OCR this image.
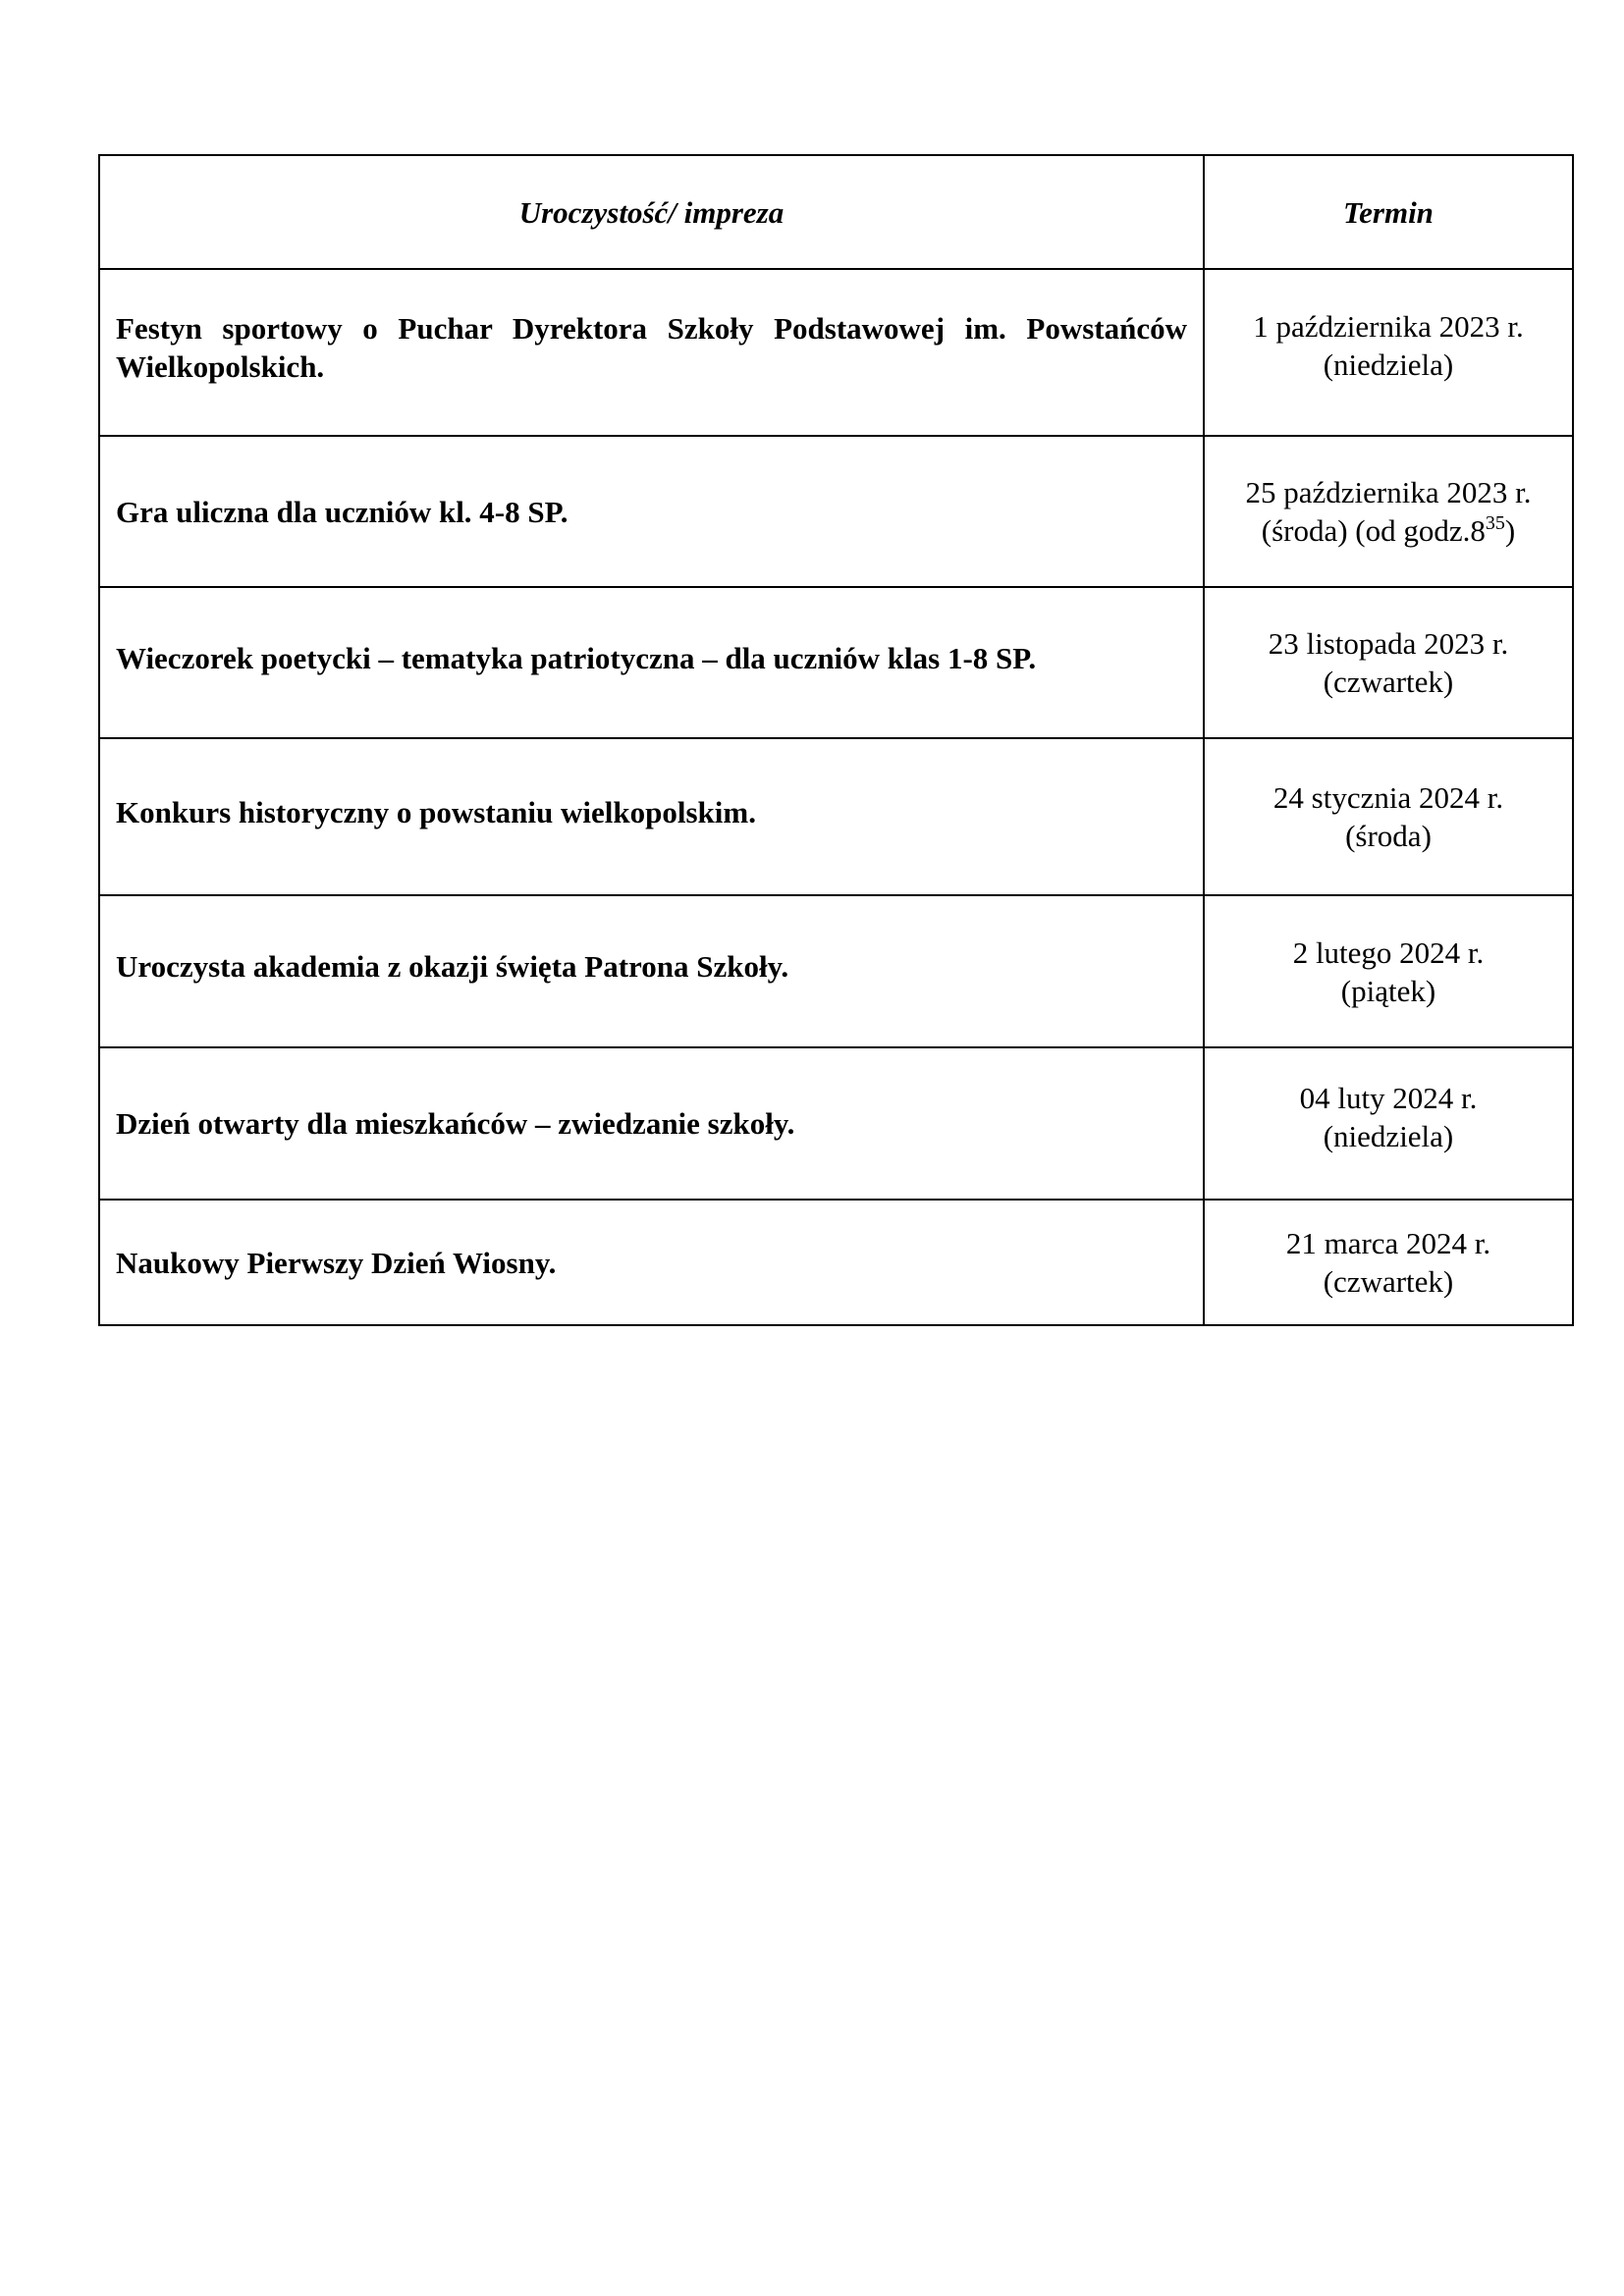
Uroczystość/ impreza	Termin

Festyn sportowy o Puchar Dyrektora Szkoły Podstawowej im. Powstańców Wielkopolskich.	1 października 2023 r.
(niedziela)

Gra uliczna dla uczniów kl. 4-8 SP.	25 października 2023 r.
(środa) (od $godz.8^{35}$)

Wieczorek poetycki – tematyka patriotyczna – dla uczniów klas 1-8 SP.	23 listopada 2023 r.
(czwartek)

Konkurs historyczny o powstaniu wielkopolskim.	24 stycznia 2024 r.
(środa)

Uroczysta akademia z okazji święta Patrona Szkoły.	2 lutego 2024 r.
(piątek)

Dzień otwarty dla mieszkańców – zwiedzanie szkoły.	04 luty 2024 r.
(niedziela)

Naukowy Pierwszy Dzień Wiosny.	21 marca 2024 r.
(czwartek)
